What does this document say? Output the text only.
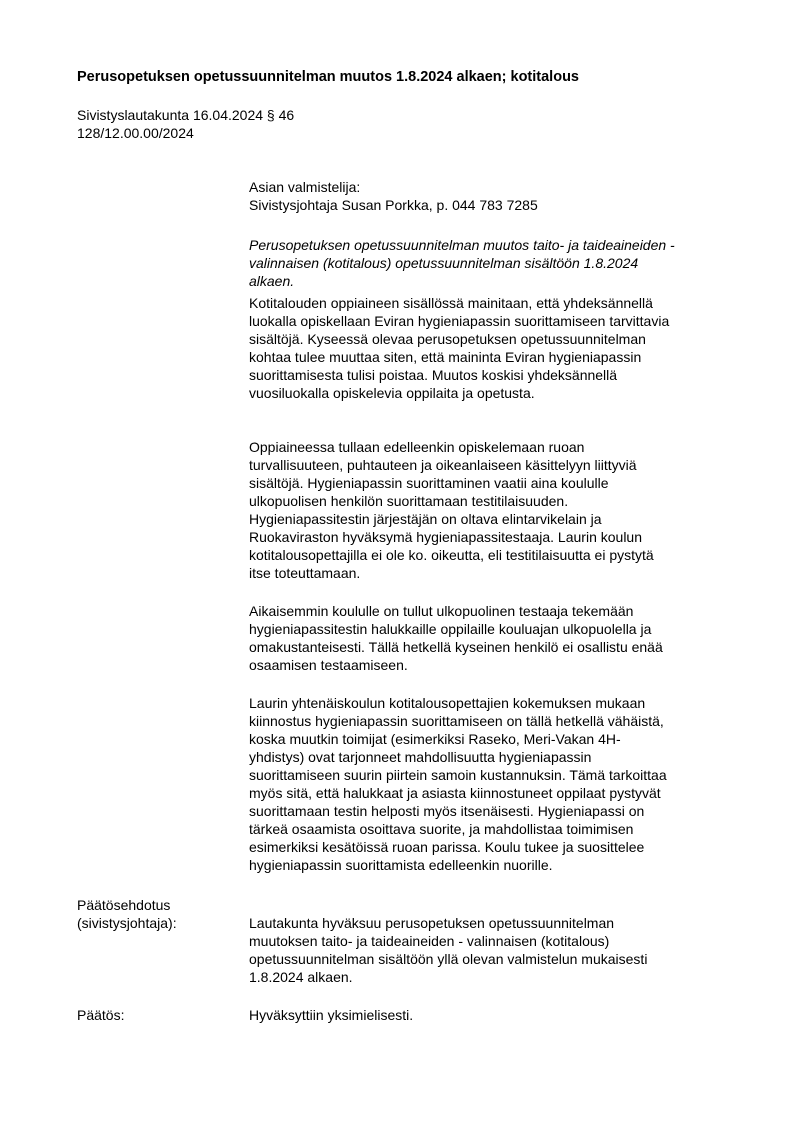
Perusopetuksen opetussuunnitelman muutos 1.8.2024 alkaen; kotitalous
Sivistyslautakunta 16.04.2024 § 46
128/12.00.00/2024
Asian valmistelija:
Sivistysjohtaja Susan Porkka, p. 044 783 7285
Perusopetuksen opetussuunnitelman muutos taito- ja taideaineiden -
valinnaisen (kotitalous) opetussuunnitelman sisältöön 1.8.2024
alkaen.
Kotitalouden oppiaineen sisällössä mainitaan, että yhdeksännellä
luokalla opiskellaan Eviran hygieniapassin suorittamiseen tarvittavia
sisältöjä. Kyseessä olevaa perusopetuksen opetussuunnitelman
kohtaa tulee muuttaa siten, että maininta Eviran hygieniapassin
suorittamisesta tulisi poistaa. Muutos koskisi yhdeksännellä
vuosiluokalla opiskelevia oppilaita ja opetusta.
Oppiaineessa tullaan edelleenkin opiskelemaan ruoan
turvallisuuteen, puhtauteen ja oikeanlaiseen käsittelyyn liittyviä
sisältöjä. Hygieniapassin suorittaminen vaatii aina koululle
ulkopuolisen henkilön suorittamaan testitilaisuuden.
Hygieniapassitestin järjestäjän on oltava elintarvikelain ja
Ruokaviraston hyväksymä hygieniapassitestaaja. Laurin koulun
kotitalousopettajilla ei ole ko. oikeutta, eli testitilaisuutta ei pystytä
itse toteuttamaan.
Aikaisemmin koululle on tullut ulkopuolinen testaaja tekemään
hygieniapassitestin halukkaille oppilaille kouluajan ulkopuolella ja
omakustanteisesti. Tällä hetkellä kyseinen henkilö ei osallistu enää
osaamisen testaamiseen.
Laurin yhtenäiskoulun kotitalousopettajien kokemuksen mukaan
kiinnostus hygieniapassin suorittamiseen on tällä hetkellä vähäistä,
koska muutkin toimijat (esimerkiksi Raseko, Meri-Vakan 4H-
yhdistys) ovat tarjonneet mahdollisuutta hygieniapassin
suorittamiseen suurin piirtein samoin kustannuksin. Tämä tarkoittaa
myös sitä, että halukkaat ja asiasta kiinnostuneet oppilaat pystyvät
suorittamaan testin helposti myös itsenäisesti. Hygieniapassi on
tärkeä osaamista osoittava suorite, ja mahdollistaa toimimisen
esimerkiksi kesätöissä ruoan parissa. Koulu tukee ja suosittelee
hygieniapassin suorittamista edelleenkin nuorille.
Päätösehdotus
(sivistysjohtaja):	Lautakunta hyväksuu perusopetuksen opetussuunnitelman
muutoksen taito- ja taideaineiden - valinnaisen (kotitalous)
opetussuunnitelman sisältöön yllä olevan valmistelun mukaisesti
1.8.2024 alkaen.
Päätös:	Hyväksyttiin yksimielisesti.
